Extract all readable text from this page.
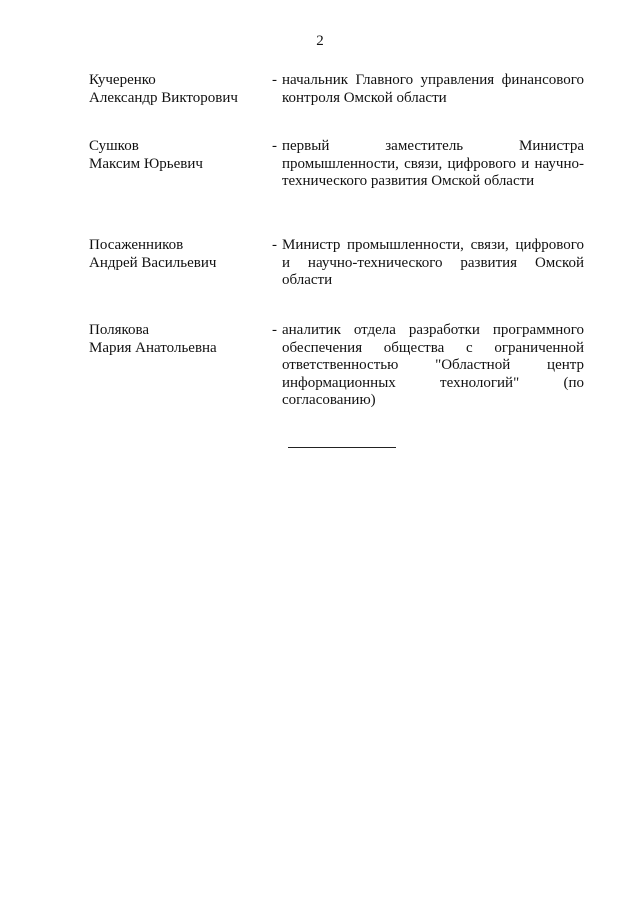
2
Кучеренко
Александр Викторович
- начальник Главного управления финансового контроля Омской области
Сушков
Максим Юрьевич
- первый заместитель Министра промышленности, связи, цифрового и научно-технического развития Омской области
Посаженников
Андрей Васильевич
- Министр промышленности, связи, цифрового и научно-технического развития Омской области
Полякова
Мария Анатольевна
- аналитик отдела разработки программного обеспечения общества с ограниченной ответственностью "Областной центр информационных технологий" (по согласованию)
